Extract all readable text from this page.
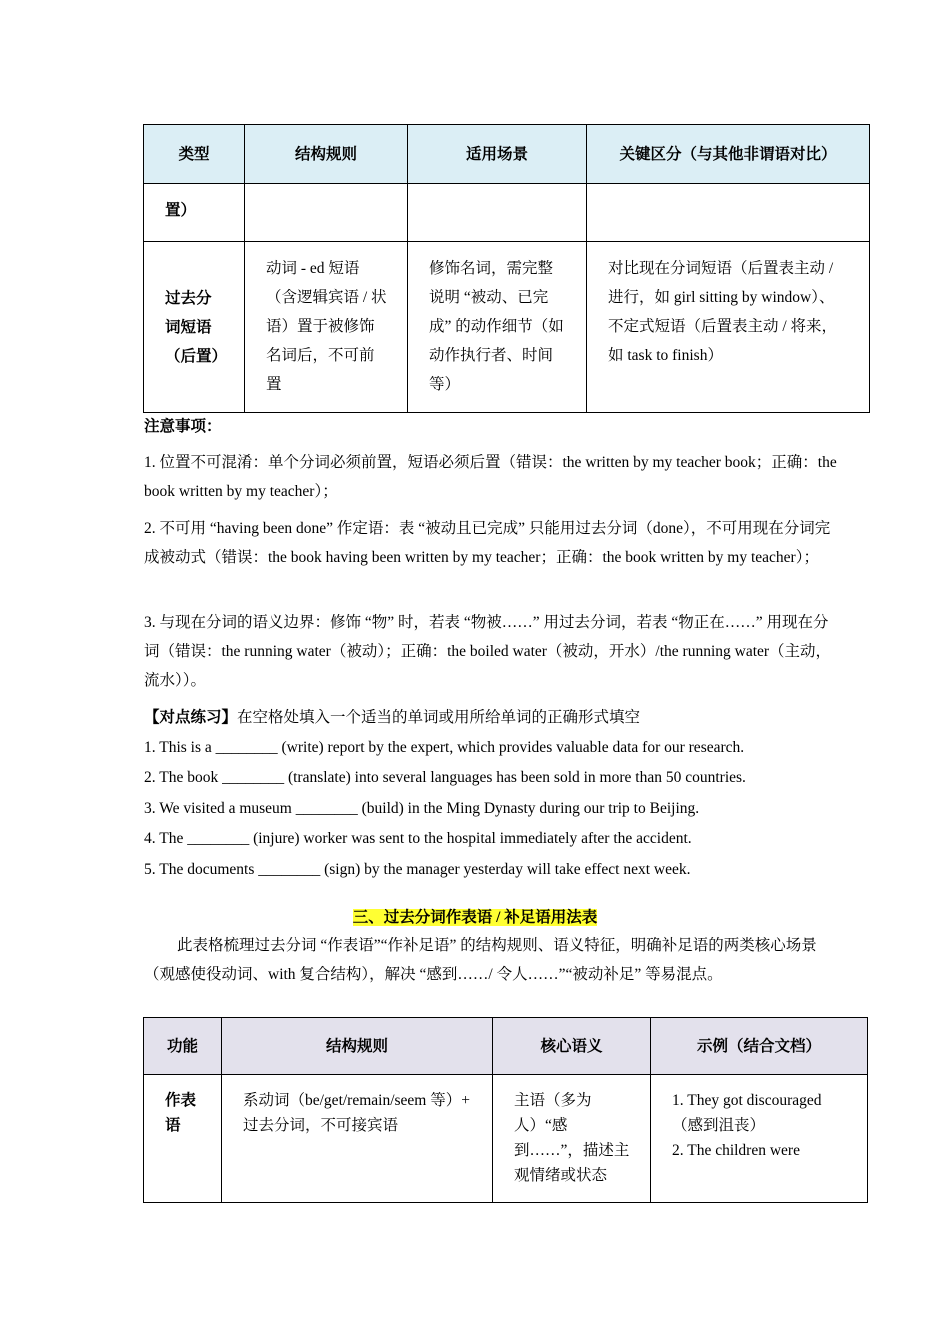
类型	结构规则	适用场景	关键区分（与其他非谓语对比）
置）			
过去分词短语（后置）	动词 - ed 短语（含逻辑宾语 / 状语）置于被修饰名词后，不可前置	修饰名词，需完整说明 “被动、已完成” 的动作细节（如动作执行者、时间等）	对比现在分词短语（后置表主动 / 进行，如 girl sitting by window）、不定式短语（后置表主动 / 将来，如 task to finish）
注意事项：
1. 位置不可混淆：单个分词必须前置，短语必须后置（错误：the written by my teacher book；正确：the book written by my teacher）；
2. 不可用 “having been done” 作定语：表 “被动且已完成” 只能用过去分词（done），不可用现在分词完成被动式（错误：the book having been written by my teacher；正确：the book written by my teacher）；
3. 与现在分词的语义边界：修饰 “物” 时，若表 “物被……” 用过去分词，若表 “物正在……” 用现在分词（错误：the running water（被动）；正确：the boiled water（被动，开水）/the running water（主动，流水））。
【对点练习】在空格处填入一个适当的单词或用所给单词的正确形式填空
1. This is a ________ (write) report by the expert, which provides valuable data for our research.
2. The book ________ (translate) into several languages has been sold in more than 50 countries.
3. We visited a museum ________ (build) in the Ming Dynasty during our trip to Beijing.
4. The ________ (injure) worker was sent to the hospital immediately after the accident.
5. The documents ________ (sign) by the manager yesterday will take effect next week.
三、过去分词作表语 / 补足语用法表
此表格梳理过去分词 “作表语”“作补足语” 的结构规则、语义特征，明确补足语的两类核心场景（观感使役动词、with 复合结构），解决 “感到……/ 令人……”“被动补足” 等易混点。
功能	结构规则	核心语义	示例（结合文档）
作表语	系动词（be/get/remain/seem 等）+ 过去分词，不可接宾语	主语（多为人）“感到……”，描述主观情绪或状态	1. They got discouraged（感到沮丧）
2. The children were
